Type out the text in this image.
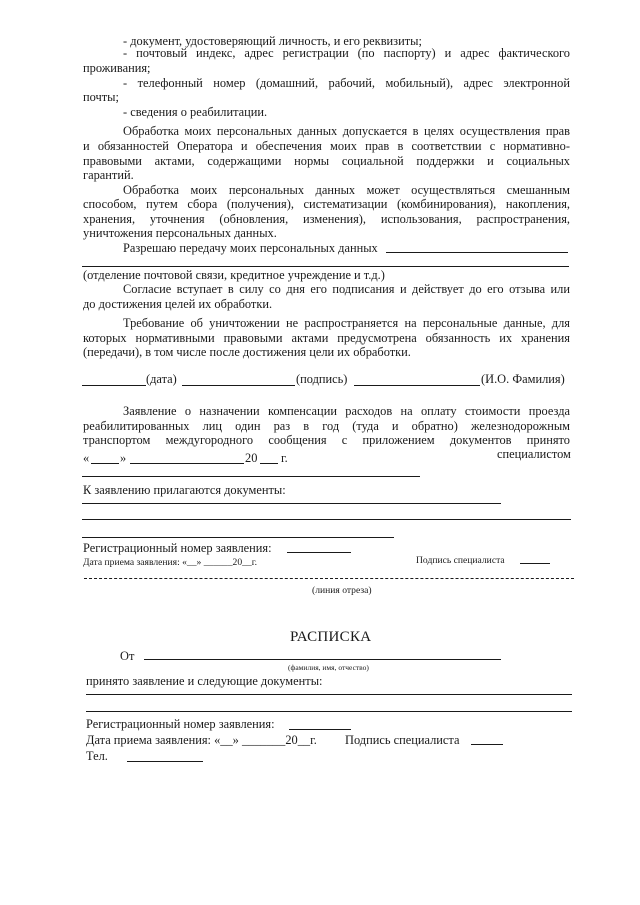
- документ, удостоверяющий личность, и его реквизиты;
- почтовый индекс, адрес регистрации (по паспорту) и адрес фактического
проживания;
- телефонный номер (домашний, рабочий, мобильный), адрес электронной
почты;
- сведения о реабилитации.
Обработка моих персональных данных допускается в целях осуществления прав
и обязанностей Оператора и обеспечения моих прав в соответствии с нормативно-
правовыми актами, содержащими нормы социальной поддержки и социальных
гарантий.
Обработка моих персональных данных может осуществляться смешанным
способом, путем сбора (получения), систематизации (комбинирования), накопления,
хранения, уточнения (обновления, изменения), использования, распространения,
уничтожения персональных данных.
Разрешаю передачу моих персональных данных
(отделение почтовой связи, кредитное учреждение и т.д.)
Согласие вступает в силу со дня его подписания и действует до его отзыва или
до достижения целей их обработки.
Требование об уничтожении не распространяется на персональные данные, для
которых нормативными правовыми актами предусмотрена обязанность их хранения
(передачи), в том числе после достижения цели их обработки.
(дата)	(подпись)	(И.О. Фамилия)
Заявление о назначении компенсации расходов на оплату стоимости проезда
реабилитированных лиц один раз в год (туда и обратно) железнодорожным
транспортом междугородного сообщения с приложением документов принято
« »	20 г.	специалистом
К заявлению прилагаются документы:
Регистрационный номер заявления:
Дата приема заявления: «__» ______20__г.	Подпись специалиста
(линия отреза)
РАСПИСКА
От
(фамилия, имя, отчество)
принято заявление и следующие документы:
Регистрационный номер заявления:
Дата приема заявления: «__» _______20__г. Подпись специалиста
Тел.
